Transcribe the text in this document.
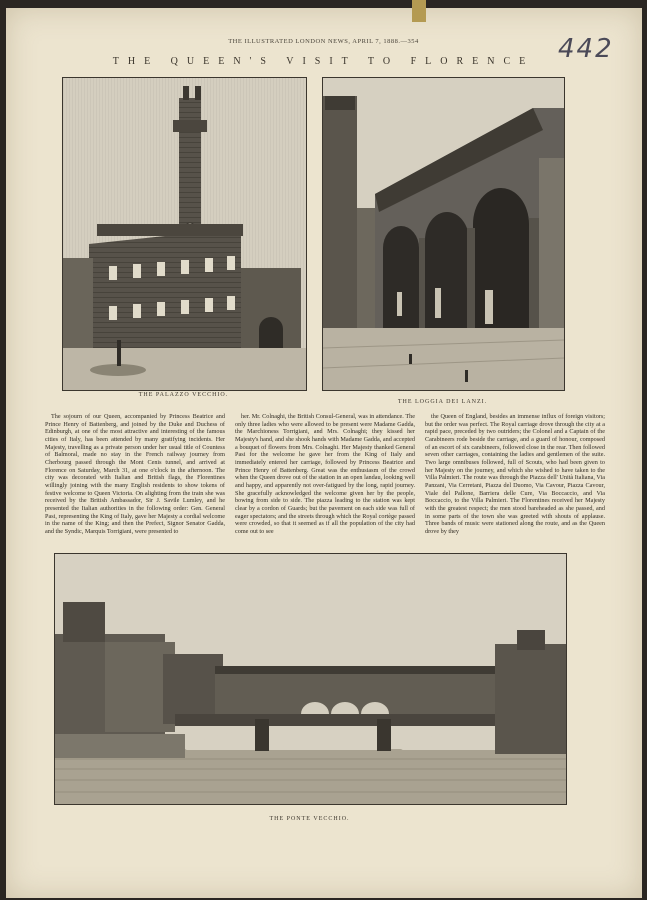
THE ILLUSTRATED LONDON NEWS, APRIL 7, 1888.—354
THE QUEEN'S VISIT TO FLORENCE 442
THE PALAZZO VECCHIO.
THE LOGGIA DEI LANZI.
The sojourn of our Queen, accompanied by Princess Beatrice and Prince Henry of Battenberg, and joined by the Duke and Duchess of Edinburgh, at one of the most attractive and interesting of the famous cities of Italy, has been attended by many gratifying incidents. Her Majesty, travelling as a private person under her usual title of Countess of Balmoral, made no stay in the French railway journey from Cherbourg passed through the Mont Cenis tunnel, and arrived at Florence on Saturday, March 31, at one o'clock in the afternoon. The city was decorated with Italian and British flags, the Florentines willingly joining with the many English residents to show tokens of festive welcome to Queen Victoria. On alighting from the train she was received by the British Ambassador, Sir J. Savile Lumley, and he presented the Italian authorities in the following order: Gen. General Pasi, representing the King of Italy, gave her Majesty a cordial welcome in the name of the King; and then the Prefect, Signor Senator Gadda, and the Syndic, Marquis Torrigiani, were presented to
her. Mr. Colnaghi, the British Consul-General, was in attendance. The only three ladies who were allowed to be present were Madame Gadda, the Marchioness Torrigiani, and Mrs. Colnaghi; they kissed her Majesty's hand, and she shook hands with Madame Gadda, and accepted a bouquet of flowers from Mrs. Colnaghi. Her Majesty thanked General Pasi for the welcome he gave her from the King of Italy and immediately entered her carriage, followed by Princess Beatrice and Prince Henry of Battenberg. Great was the enthusiasm of the crowd when the Queen drove out of the station in an open landau, looking well and happy, and apparently not over-fatigued by the long, rapid journey. She gracefully acknowledged the welcome given her by the people, bowing from side to side. The piazza leading to the station was kept clear by a cordon of Guards; but the pavement on each side was full of eager spectators; and the streets through which the Royal cortège passed were crowded, so that it seemed as if all the population of the city had come out to see
the Queen of England, besides an immense influx of foreign visitors; but the order was perfect. The Royal carriage drove through the city at a rapid pace, preceded by two outriders; the Colonel and a Captain of the Carabineers rode beside the carriage, and a guard of honour, composed of an escort of six carabineers, followed close in the rear. Then followed seven other carriages, containing the ladies and gentlemen of the suite. Two large omnibuses followed, full of Scouts, who had been given to her Majesty on the journey, and which she wished to have taken to the Villa Palmieri. The route was through the Piazza dell' Unità Italiana, Via Panzani, Via Cerretani, Piazza del Duomo, Via Cavour, Piazza Cavour, Viale del Pallone, Barriera delle Cure, Via Boccaccio, and Via Boccaccio, to the Villa Palmieri. The Florentines received her Majesty with the greatest respect; the men stood bareheaded as she passed, and in some parts of the town she was greeted with shouts of applause. Three bands of music were stationed along the route, and as the Queen drove by they
THE PONTE VECCHIO.
